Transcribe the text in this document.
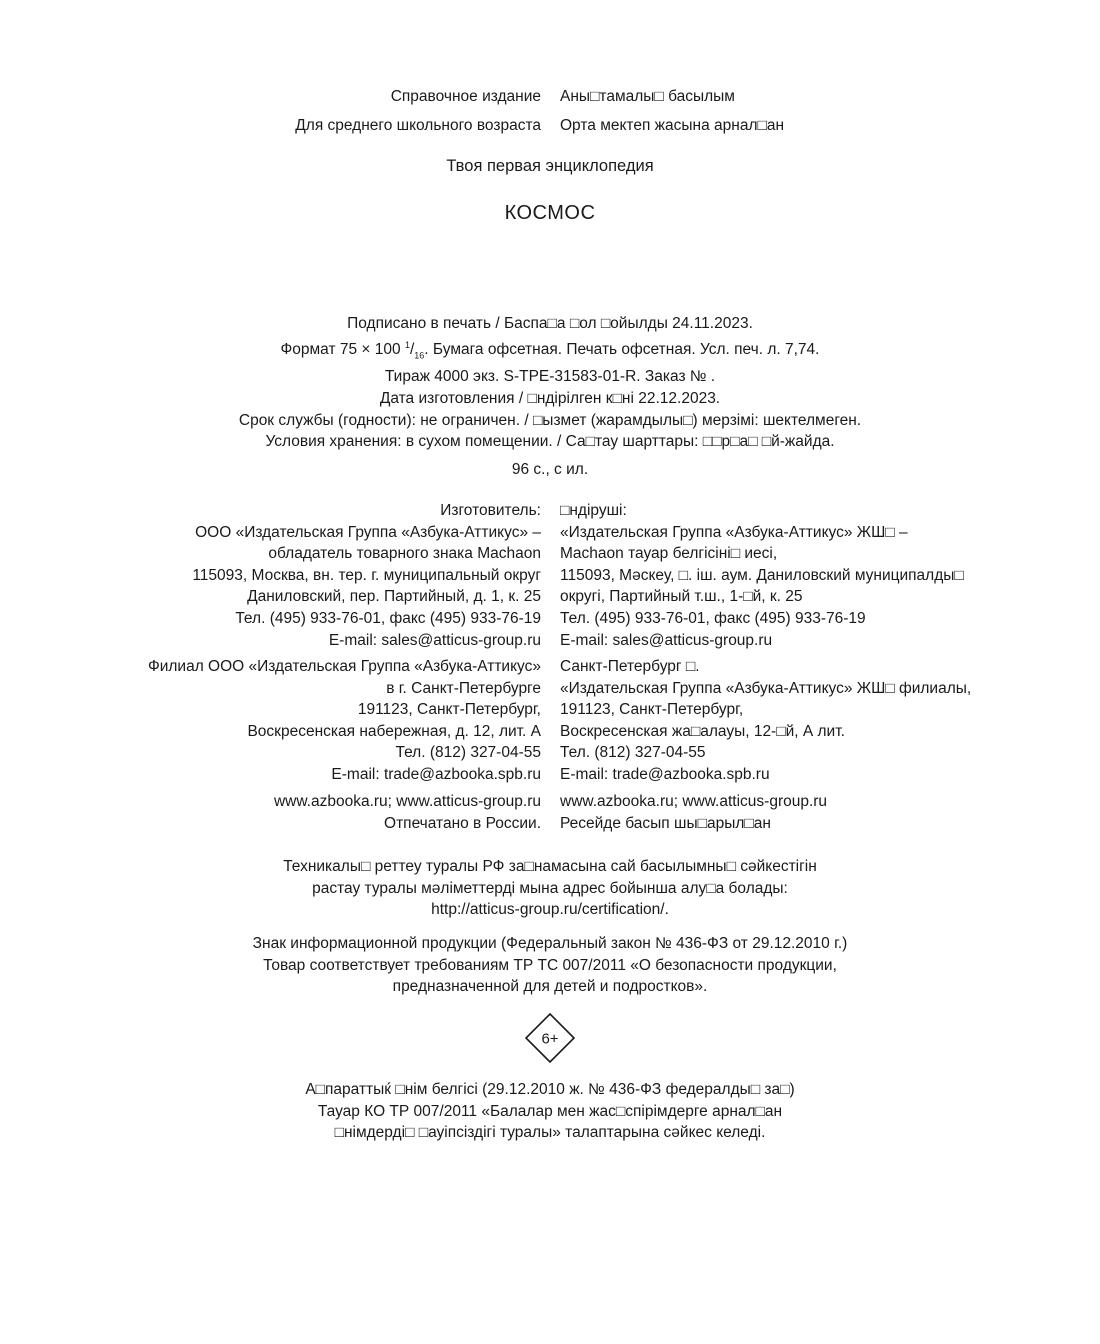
Справочное издание Аны□тамалы□ басылым
Для среднего школьного возраста Орта мектеп жасына арнал□ан
Твоя первая энциклопедия
КОСМОС
Подписано в печать / Баспа□а □ол □ойылды 24.11.2023.
Формат 75 × 100 $^1/_{16}$. Бумага офсетная. Печать офсетная. Усл. печ. л. 7,74.
Тираж 4000 экз. S-TPE-31583-01-R. Заказ № .
Дата изготовления / □ндірілген к□ні 22.12.2023.
Срок службы (годности): не ограничен. / □ызмет (жарамдылы□) мерзімі: шектелмеген.
Условия хранения: в сухом помещении. / Са□тау шарттары: □□р□а□ □й-жайда.
96 с., с ил.
Изготовитель:
ООО «Издательская Группа «Азбука-Аттикус» –
обладатель товарного знака Machaon
115093, Москва, вн. тер. г. муниципальный округ
Даниловский, пер. Партийный, д. 1, к. 25
Тел. (495) 933-76-01, факс (495) 933-76-19
E-mail: sales@atticus-group.ru
□ндіруші:
«Издательская Группа «Азбука-Аттикус» ЖШ□ –
Machaon тауар белгісіні□ иесі,
115093, Мәскеу, □. іш. аум. Даниловский муниципалды□
округі, Партийный т.ш., 1-□й, к. 25
Тел. (495) 933-76-01, факс (495) 933-76-19
E-mail: sales@atticus-group.ru
Филиал ООО «Издательская Группа «Азбука-Аттикус»
в г. Санкт-Петербурге
191123, Санкт-Петербург,
Воскресенская набережная, д. 12, лит. А
Тел. (812) 327-04-55
E-mail: trade@azbooka.spb.ru
Санкт-Петербург □.
«Издательская Группа «Азбука-Аттикус» ЖШ□ филиалы,
191123, Санкт-Петербург,
Воскресенская жа□алауы, 12-□й, А лит.
Тел. (812) 327-04-55
E-mail: trade@azbooka.spb.ru
www.azbooka.ru; www.atticus-group.ru
Отпечатано в России.
www.azbooka.ru; www.atticus-group.ru
Ресейде басып шы□арыл□ан
Техникалы□ реттеу туралы РФ за□намасына сай басылымны□ сәйкестігін
растау туралы мәліметтерді мына адрес бойынша алу□а болады:
http://atticus-group.ru/certification/.
Знак информационной продукции (Федеральный закон № 436-ФЗ от 29.12.2010 г.)
Товар соответствует требованиям ТР ТС 007/2011 «О безопасности продукции,
предназначенной для детей и подростков».
6+
А□параттыќ □нім белгісі (29.12.2010 ж. № 436-ФЗ федералды□ за□)
Тауар КО ТР 007/2011 «Балалар мен жас□спірімдерге арнал□ан
□німдерді□ □ауіпсіздігі туралы» талаптарына сәйкес келеді.
